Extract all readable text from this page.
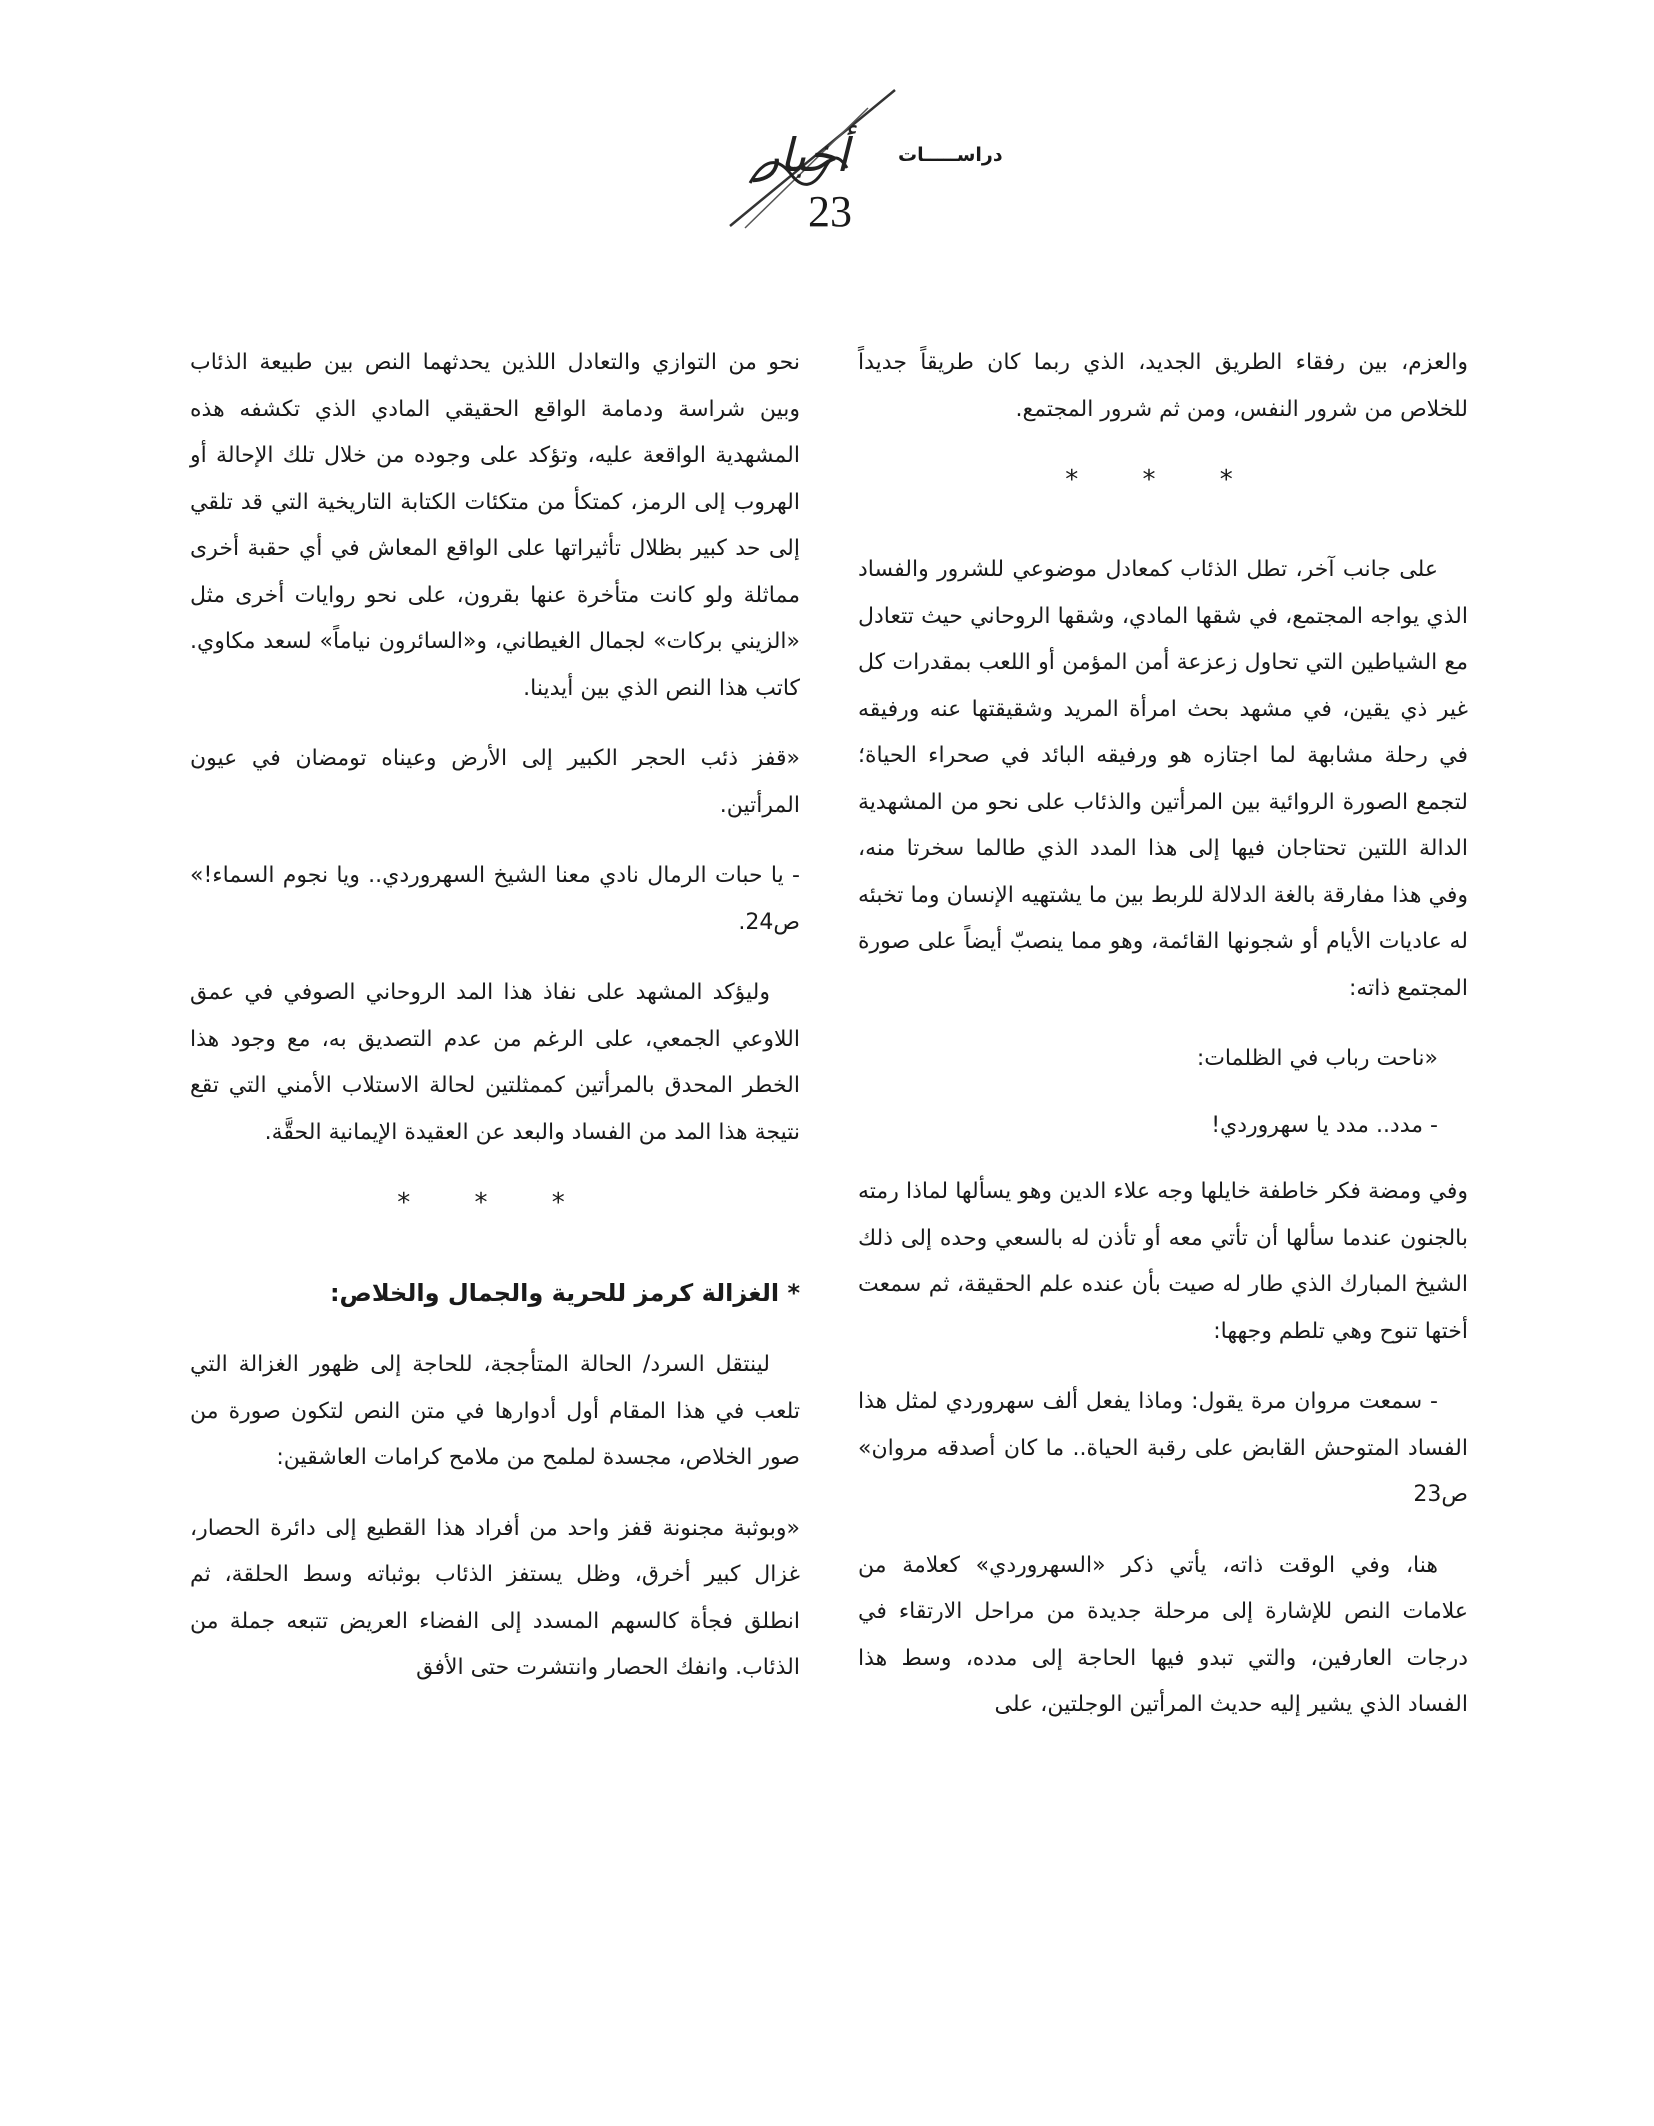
أخبار	دراســـــات
23

والعزم، بين رفقاء الطريق الجديد، الذي ربما كان طريقاً جديداً للخلاص من شرور النفس، ومن ثم شرور المجتمع.

* * *

على جانب آخر، تطل الذئاب كمعادل موضوعي للشرور والفساد الذي يواجه المجتمع، في شقها المادي، وشقها الروحاني حيث تتعادل مع الشياطين التي تحاول زعزعة أمن المؤمن أو اللعب بمقدرات كل غير ذي يقين، في مشهد بحث امرأة المريد وشقيقتها عنه ورفيقه في رحلة مشابهة لما اجتازه هو ورفيقه البائد في صحراء الحياة؛ لتجمع الصورة الروائية بين المرأتين والذئاب على نحو من المشهدية الدالة اللتين تحتاجان فيها إلى هذا المدد الذي طالما سخرتا منه، وفي هذا مفارقة بالغة الدلالة للربط بين ما يشتهيه الإنسان وما تخبئه له عاديات الأيام أو شجونها القائمة، وهو مما ينصبّ أيضاً على صورة المجتمع ذاته:

«ناحت رباب في الظلمات:

- مدد.. مدد يا سهروردي!

وفي ومضة فكر خاطفة خايلها وجه علاء الدين وهو يسألها لماذا رمته بالجنون عندما سألها أن تأتي معه أو تأذن له بالسعي وحده إلى ذلك الشيخ المبارك الذي طار له صيت بأن عنده علم الحقيقة، ثم سمعت أختها تنوح وهي تلطم وجهها:

- سمعت مروان مرة يقول: وماذا يفعل ألف سهروردي لمثل هذا الفساد المتوحش القابض على رقبة الحياة.. ما كان أصدقه مروان» ص23

هنا، وفي الوقت ذاته، يأتي ذكر «السهروردي» كعلامة من علامات النص للإشارة إلى مرحلة جديدة من مراحل الارتقاء في درجات العارفين، والتي تبدو فيها الحاجة إلى مدده، وسط هذا الفساد الذي يشير إليه حديث المرأتين الوجلتين، على

نحو من التوازي والتعادل اللذين يحدثهما النص بين طبيعة الذئاب وبين شراسة ودمامة الواقع الحقيقي المادي الذي تكشفه هذه المشهدية الواقعة عليه، وتؤكد على وجوده من خلال تلك الإحالة أو الهروب إلى الرمز، كمتكأ من متكئات الكتابة التاريخية التي قد تلقي إلى حد كبير بظلال تأثيراتها على الواقع المعاش في أي حقبة أخرى مماثلة ولو كانت متأخرة عنها بقرون، على نحو روايات أخرى مثل «الزيني بركات» لجمال الغيطاني، و«السائرون نياماً» لسعد مكاوي. كاتب هذا النص الذي بين أيدينا.

«قفز ذئب الحجر الكبير إلى الأرض وعيناه تومضان في عيون المرأتين.

- يا حبات الرمال نادي معنا الشيخ السهروردي.. ويا نجوم السماء!» ص24.

وليؤكد المشهد على نفاذ هذا المد الروحاني الصوفي في عمق اللاوعي الجمعي، على الرغم من عدم التصديق به، مع وجود هذا الخطر المحدق بالمرأتين كممثلتين لحالة الاستلاب الأمني التي تقع نتيجة هذا المد من الفساد والبعد عن العقيدة الإيمانية الحقَّة.

* * *
* الغزالة كرمز للحرية والجمال والخلاص:

لينتقل السرد/ الحالة المتأججة، للحاجة إلى ظهور الغزالة التي تلعب في هذا المقام أول أدوارها في متن النص لتكون صورة من صور الخلاص، مجسدة لملمح من ملامح كرامات العاشقين:

«وبوثبة مجنونة قفز واحد من أفراد هذا القطيع إلى دائرة الحصار، غزال كبير أخرق، وظل يستفز الذئاب بوثباته وسط الحلقة، ثم انطلق فجأة كالسهم المسدد إلى الفضاء العريض تتبعه جملة من الذئاب. وانفك الحصار وانتشرت حتى الأفق
